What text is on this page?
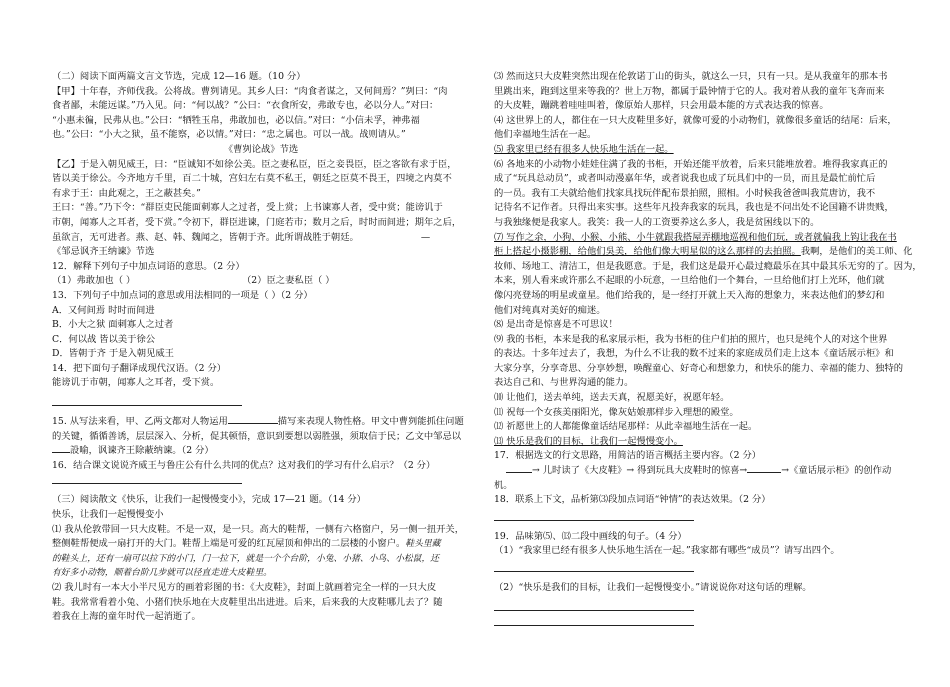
（二）阅读下面两篇文言文节选，完成 12—16 题。（10 分）

【甲】十年春，齐师伐我。公将战。曹刿请见。其乡人曰：“肉食者谋之，又何间焉？”刿曰：“肉

食者鄙，未能远谋。”乃入见。问：“何以战？”公曰：“衣食所安，弗敢专也，必以分人。”对曰：

“小惠未徧，民弗从也。”公曰：“牺牲玉帛，弗敢加也，必以信。”对曰：“小信未孚，神弗福

也。”公曰：“小大之狱，虽不能察，必以情。”对曰：“忠之属也。可以一战。战则请从。”

《曹刿论战》节选

【乙】于是入朝见威王，曰：“臣诚知不如徐公美。臣之妻私臣，臣之妾畏臣，臣之客欲有求于臣，

皆以美于徐公。今齐地方千里，百二十城，宫妇左右莫不私王，朝廷之臣莫不畏王，四境之内莫不

有求于王：由此观之，王之蔽甚矣。”

王曰：“善。”乃下令：“群臣吏民能面刺寡人之过者，受上赏；上书谏寡人者，受中赏；能谤讥于

市朝，闻寡人之耳者，受下赏。”令初下，群臣进谏，门庭若市；数月之后，时时而间进；期年之后，

虽欲言，无可进者。燕、赵、韩、魏闻之，皆朝于齐。此所谓战胜于朝廷。	—

《邹忌讽齐王纳谏》节选

12．解释下列句子中加点词语的意思。（2 分）

（1）弗敢加也（ ）	（2）臣之妻私臣（ ）

13．下列句子中加点词的意思或用法相同的一项是（ ）（2 分）

A．又何间焉 时时而间进

B．小大之狱 面刺寡人之过者

C．何以战 皆以美于徐公

D．皆朝于齐 于是入朝见威王

14．把下面句子翻译成现代汉语。（2 分）

能谤讥于市朝，闻寡人之耳者，受下赏。

15. 从写法来看，甲、乙两文都对人物运用	描写来表现人物性格。甲文中曹刿能抓住问题

的关键，循循善诱，层层深入、分析，促其顿悟，意识到要想以弱胜强，须取信于民；乙文中邹忌以

設喻，讽谏齐王除蔽纳谏。（2 分）

16．结合课文说说齐威王与鲁庄公有什么共同的优点？这对我们的学习有什么启示？（2 分）

（三）阅读散文《快乐，让我们一起慢慢变小》，完成 17—21 题。（14 分）

快乐，让我们一起慢慢变小

⑴ 我从伦敦带回一只大皮鞋。不是一双，是一只。高大的鞋帮，一侧有六格窗户，另一侧一扭开关，

整侧鞋帮便成一扇打开的大门。鞋帮上端是可爱的红瓦屋顶和伸出的二层楼的小窗户。鞋头里藏

的鞋头上，还有一扇可以拉下的小门，门一拉下，就是一个个台阶，小兔、小猪、小鸟、小松鼠，还

有好多小动物，顺着台阶几步就可以径直走进大皮鞋里。

⑵ 我儿时有一本大小半尺见方的画着彩图的书：《大皮鞋》，封面上就画着完全一样的一只大皮

鞋。我常常看着小兔、小猪们快乐地在大皮鞋里出出进进。后来，后来我的大皮鞋哪儿去了？随

着我在上海的童年时代一起消逝了。

⑶ 然而这只大皮鞋突然出现在伦敦诺丁山的街头，就这么一只，只有一只。是从我童年的那本书

里跳出来，跑到这里来等我的？世上万物，都属于最钟情于它的人。我对着从我的童年飞奔而来

的大皮鞋，蹦跳着哇哇叫着，像原始人那样，只会用最本能的方式表达我的惊喜。

⑷ 这世界上的人，都住在一只大皮鞋里多好，就像可爱的小动物们，就像很多童话的结尾：后来，

他们幸福地生活在一起。

⑸ 我家里已经有很多人快乐地生活在一起。

⑹ 各地来的小动物小娃娃住满了我的书柜，开始还能平放着，后来只能堆放着。堆得我家真正的

成了“玩具总动员”，或者叫动漫嘉年华，或者说我也成了玩具们中的一员，而且是最忙前忙后

的一员。我有工夫就给他们找家具找玩伴配布景拍照，照相。小时候我爸爸叫我荒唐访，我不

记待名不记作者。只得出来实事。这些年凡投奔我家的玩具，我也是不问出处不论国籍不讲贵贱，

与我独缘便是我家人。我笑：我一人的工资要养这么多人，我是贫困线以下的。

⑺ 写作之余，小狗、小猴、小熊、小牛就跟我搭屋弄棚地巡视和他们玩，或者就偏我上钩让我在书

柜上搭起小摄影棚，给他们吳美，给他们像大明星似的这么那样的去拍照。我啊，是他们的美工师、化

妆师、场地工、清洁工，但是我愿意。于是，我们这是最开心最过瘾最乐在其中最其乐无穷的了。因为，

本来，别人看来或许那么不起眼的小玩意，一旦给他们一个舞台，一旦给他们打上光环，他们就

像闪亮登场的明星或童星。他们给我的，是一经打开就上天入海的想象力，来表达他们的梦幻和

他们对纯真对美好的痴迷。

⑻ 是出奇是惊喜是不可思议！

⑼ 我的书柜，本来是我的私家展示柜，我为书柜的住户们拍的照片，也只是纯个人的对这个世界

的表达。十多年过去了，我想，为什么不让我的数不过来的家庭成员们走上这本《童话展示柜》和

大家分享，分享奇思、分享妙想，唤醒童心、好奇心和想象力，和快乐的能力、幸福的能力、独特的

表达自己和、与世界沟通的能力。

⑽ 让他们，送去单纯，送去天真，祝愿美好，祝愿年轻。

⑾ 祝每一个女孩美丽阳光，像灰姑娘那样步入理想的殿堂。

⑿ 祈愿世上的人都能像童话结尾那样：从此幸福地生活在一起。

⒀ 快乐是我们的目标，让我们一起慢慢变小。

17．根据选文的行文思路，用简洁的语言概括主要内容。（2 分）

→ 儿时读了《大皮鞋》→ 得到玩具大皮鞋时的惊喜→	→《童话展示柜》的创作动

机。

18．联系上下文，品析第⑶段加点词语“钟情”的表达效果。（2 分）

19．品味第⑸、⒀二段中画线的句子。（4 分）

（1）“我家里已经有很多人快乐地生活在一起。”我家都有哪些“成员”？请写出四个。

（2）“快乐是我们的目标，让我们一起慢慢变小。”请说说你对这句话的理解。
